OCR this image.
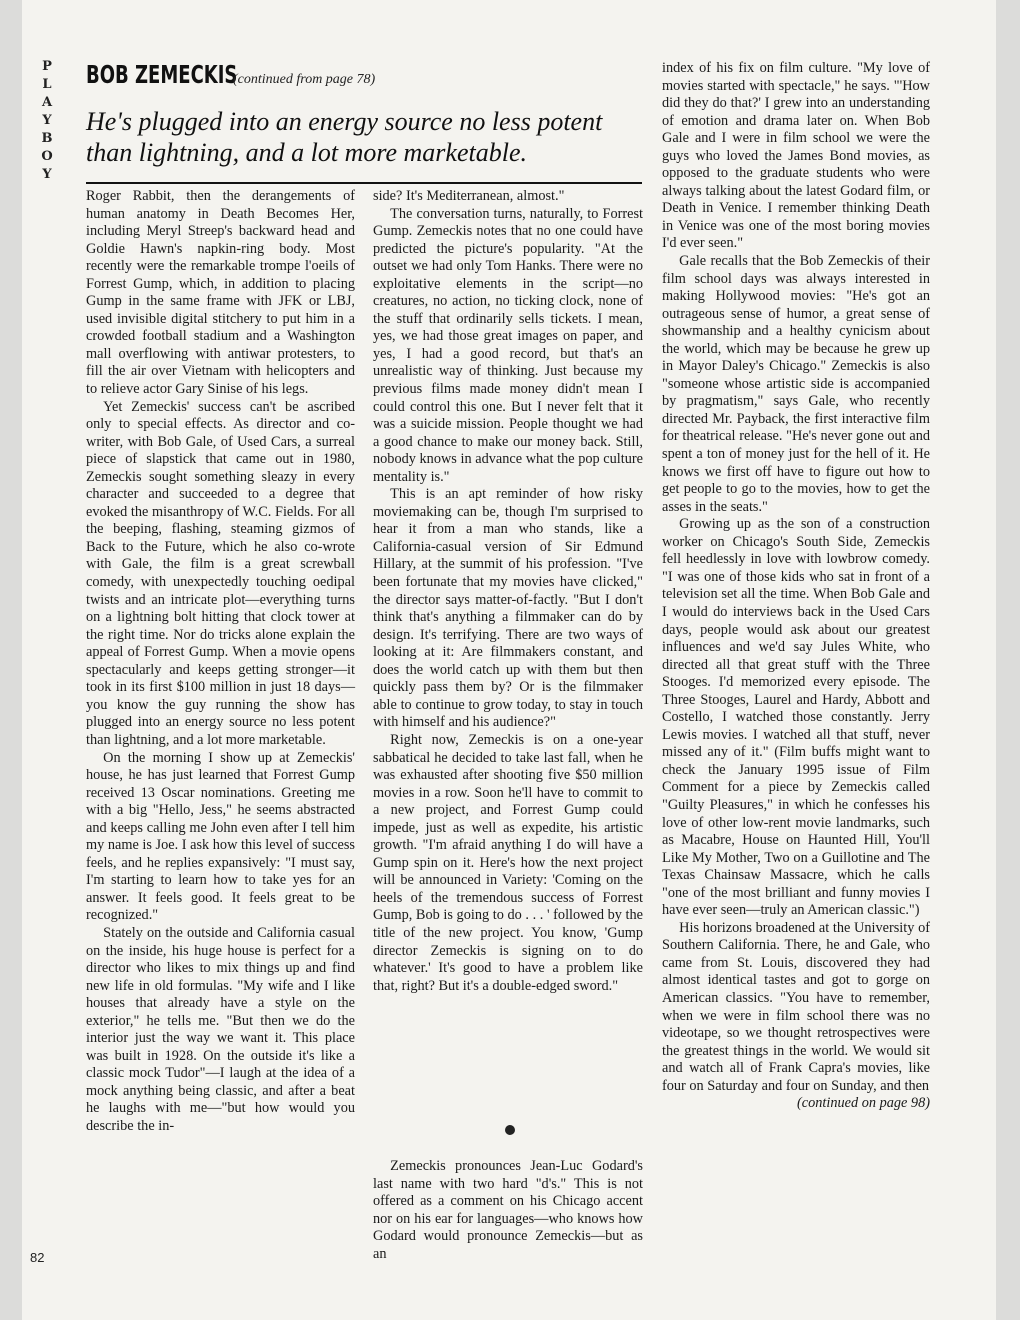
P
L
A
Y
B
O
Y
BOB ZEMECKIS
(continued from page 78)
He's plugged into an energy source no less potent than lightning, and a lot more marketable.

Roger Rabbit, then the derangements of human anatomy in Death Becomes Her, including Meryl Streep's backward head and Goldie Hawn's napkin-ring body. Most recently were the remarkable trompe l'oeils of Forrest Gump, which, in addition to placing Gump in the same frame with JFK or LBJ, used invisible digital stitchery to put him in a crowded football stadium and a Washington mall overflowing with antiwar protesters, to fill the air over Vietnam with helicopters and to relieve actor Gary Sinise of his legs.

Yet Zemeckis' success can't be ascribed only to special effects. As director and co-writer, with Bob Gale, of Used Cars, a surreal piece of slapstick that came out in 1980, Zemeckis sought something sleazy in every character and succeeded to a degree that evoked the misanthropy of W.C. Fields. For all the beeping, flashing, steaming gizmos of Back to the Future, which he also co-wrote with Gale, the film is a great screwball comedy, with unexpectedly touching oedipal twists and an intricate plot—everything turns on a lightning bolt hitting that clock tower at the right time. Nor do tricks alone explain the appeal of Forrest Gump. When a movie opens spectacularly and keeps getting stronger—it took in its first $100 million in just 18 days—you know the guy running the show has plugged into an energy source no less potent than lightning, and a lot more marketable.

On the morning I show up at Zemeckis' house, he has just learned that Forrest Gump received 13 Oscar nominations. Greeting me with a big "Hello, Jess," he seems abstracted and keeps calling me John even after I tell him my name is Joe. I ask how this level of success feels, and he replies expansively: "I must say, I'm starting to learn how to take yes for an answer. It feels good. It feels great to be recognized."

Stately on the outside and California casual on the inside, his huge house is perfect for a director who likes to mix things up and find new life in old formulas. "My wife and I like houses that already have a style on the exterior," he tells me. "But then we do the interior just the way we want it. This place was built in 1928. On the outside it's like a classic mock Tudor"—I laugh at the idea of a mock anything being classic, and after a beat he laughs with me—"but how would you describe the in-

side? It's Mediterranean, almost."

The conversation turns, naturally, to Forrest Gump. Zemeckis notes that no one could have predicted the picture's popularity. "At the outset we had only Tom Hanks. There were no exploitative elements in the script—no creatures, no action, no ticking clock, none of the stuff that ordinarily sells tickets. I mean, yes, we had those great images on paper, and yes, I had a good record, but that's an unrealistic way of thinking. Just because my previous films made money didn't mean I could control this one. But I never felt that it was a suicide mission. People thought we had a good chance to make our money back. Still, nobody knows in advance what the pop culture mentality is."

This is an apt reminder of how risky moviemaking can be, though I'm surprised to hear it from a man who stands, like a California-casual version of Sir Edmund Hillary, at the summit of his profession. "I've been fortunate that my movies have clicked," the director says matter-of-factly. "But I don't think that's anything a filmmaker can do by design. It's terrifying. There are two ways of looking at it: Are filmmakers constant, and does the world catch up with them but then quickly pass them by? Or is the filmmaker able to continue to grow today, to stay in touch with himself and his audience?"

Right now, Zemeckis is on a one-year sabbatical he decided to take last fall, when he was exhausted after shooting five $50 million movies in a row. Soon he'll have to commit to a new project, and Forrest Gump could impede, just as well as expedite, his artistic growth. "I'm afraid anything I do will have a Gump spin on it. Here's how the next project will be announced in Variety: 'Coming on the heels of the tremendous success of Forrest Gump, Bob is going to do . . . ' followed by the title of the new project. You know, 'Gump director Zemeckis is signing on to do whatever.' It's good to have a problem like that, right? But it's a double-edged sword."

Zemeckis pronounces Jean-Luc Godard's last name with two hard "d's." This is not offered as a comment on his Chicago accent nor on his ear for languages—who knows how Godard would pronounce Zemeckis—but as an

index of his fix on film culture. "My love of movies started with spectacle," he says. "'How did they do that?' I grew into an understanding of emotion and drama later on. When Bob Gale and I were in film school we were the guys who loved the James Bond movies, as opposed to the graduate students who were always talking about the latest Godard film, or Death in Venice. I remember thinking Death in Venice was one of the most boring movies I'd ever seen."

Gale recalls that the Bob Zemeckis of their film school days was always interested in making Hollywood movies: "He's got an outrageous sense of humor, a great sense of showmanship and a healthy cynicism about the world, which may be because he grew up in Mayor Daley's Chicago." Zemeckis is also "someone whose artistic side is accompanied by pragmatism," says Gale, who recently directed Mr. Payback, the first interactive film for theatrical release. "He's never gone out and spent a ton of money just for the hell of it. He knows we first off have to figure out how to get people to go to the movies, how to get the asses in the seats."

Growing up as the son of a construction worker on Chicago's South Side, Zemeckis fell heedlessly in love with lowbrow comedy. "I was one of those kids who sat in front of a television set all the time. When Bob Gale and I would do interviews back in the Used Cars days, people would ask about our greatest influences and we'd say Jules White, who directed all that great stuff with the Three Stooges. I'd memorized every episode. The Three Stooges, Laurel and Hardy, Abbott and Costello, I watched those constantly. Jerry Lewis movies. I watched all that stuff, never missed any of it." (Film buffs might want to check the January 1995 issue of Film Comment for a piece by Zemeckis called "Guilty Pleasures," in which he confesses his love of other low-rent movie landmarks, such as Macabre, House on Haunted Hill, You'll Like My Mother, Two on a Guillotine and The Texas Chainsaw Massacre, which he calls "one of the most brilliant and funny movies I have ever seen—truly an American classic.")

His horizons broadened at the University of Southern California. There, he and Gale, who came from St. Louis, discovered they had almost identical tastes and got to gorge on American classics. "You have to remember, when we were in film school there was no videotape, so we thought retrospectives were the greatest things in the world. We would sit and watch all of Frank Capra's movies, like four on Saturday and four on Sunday, and then

(continued on page 98)
82
